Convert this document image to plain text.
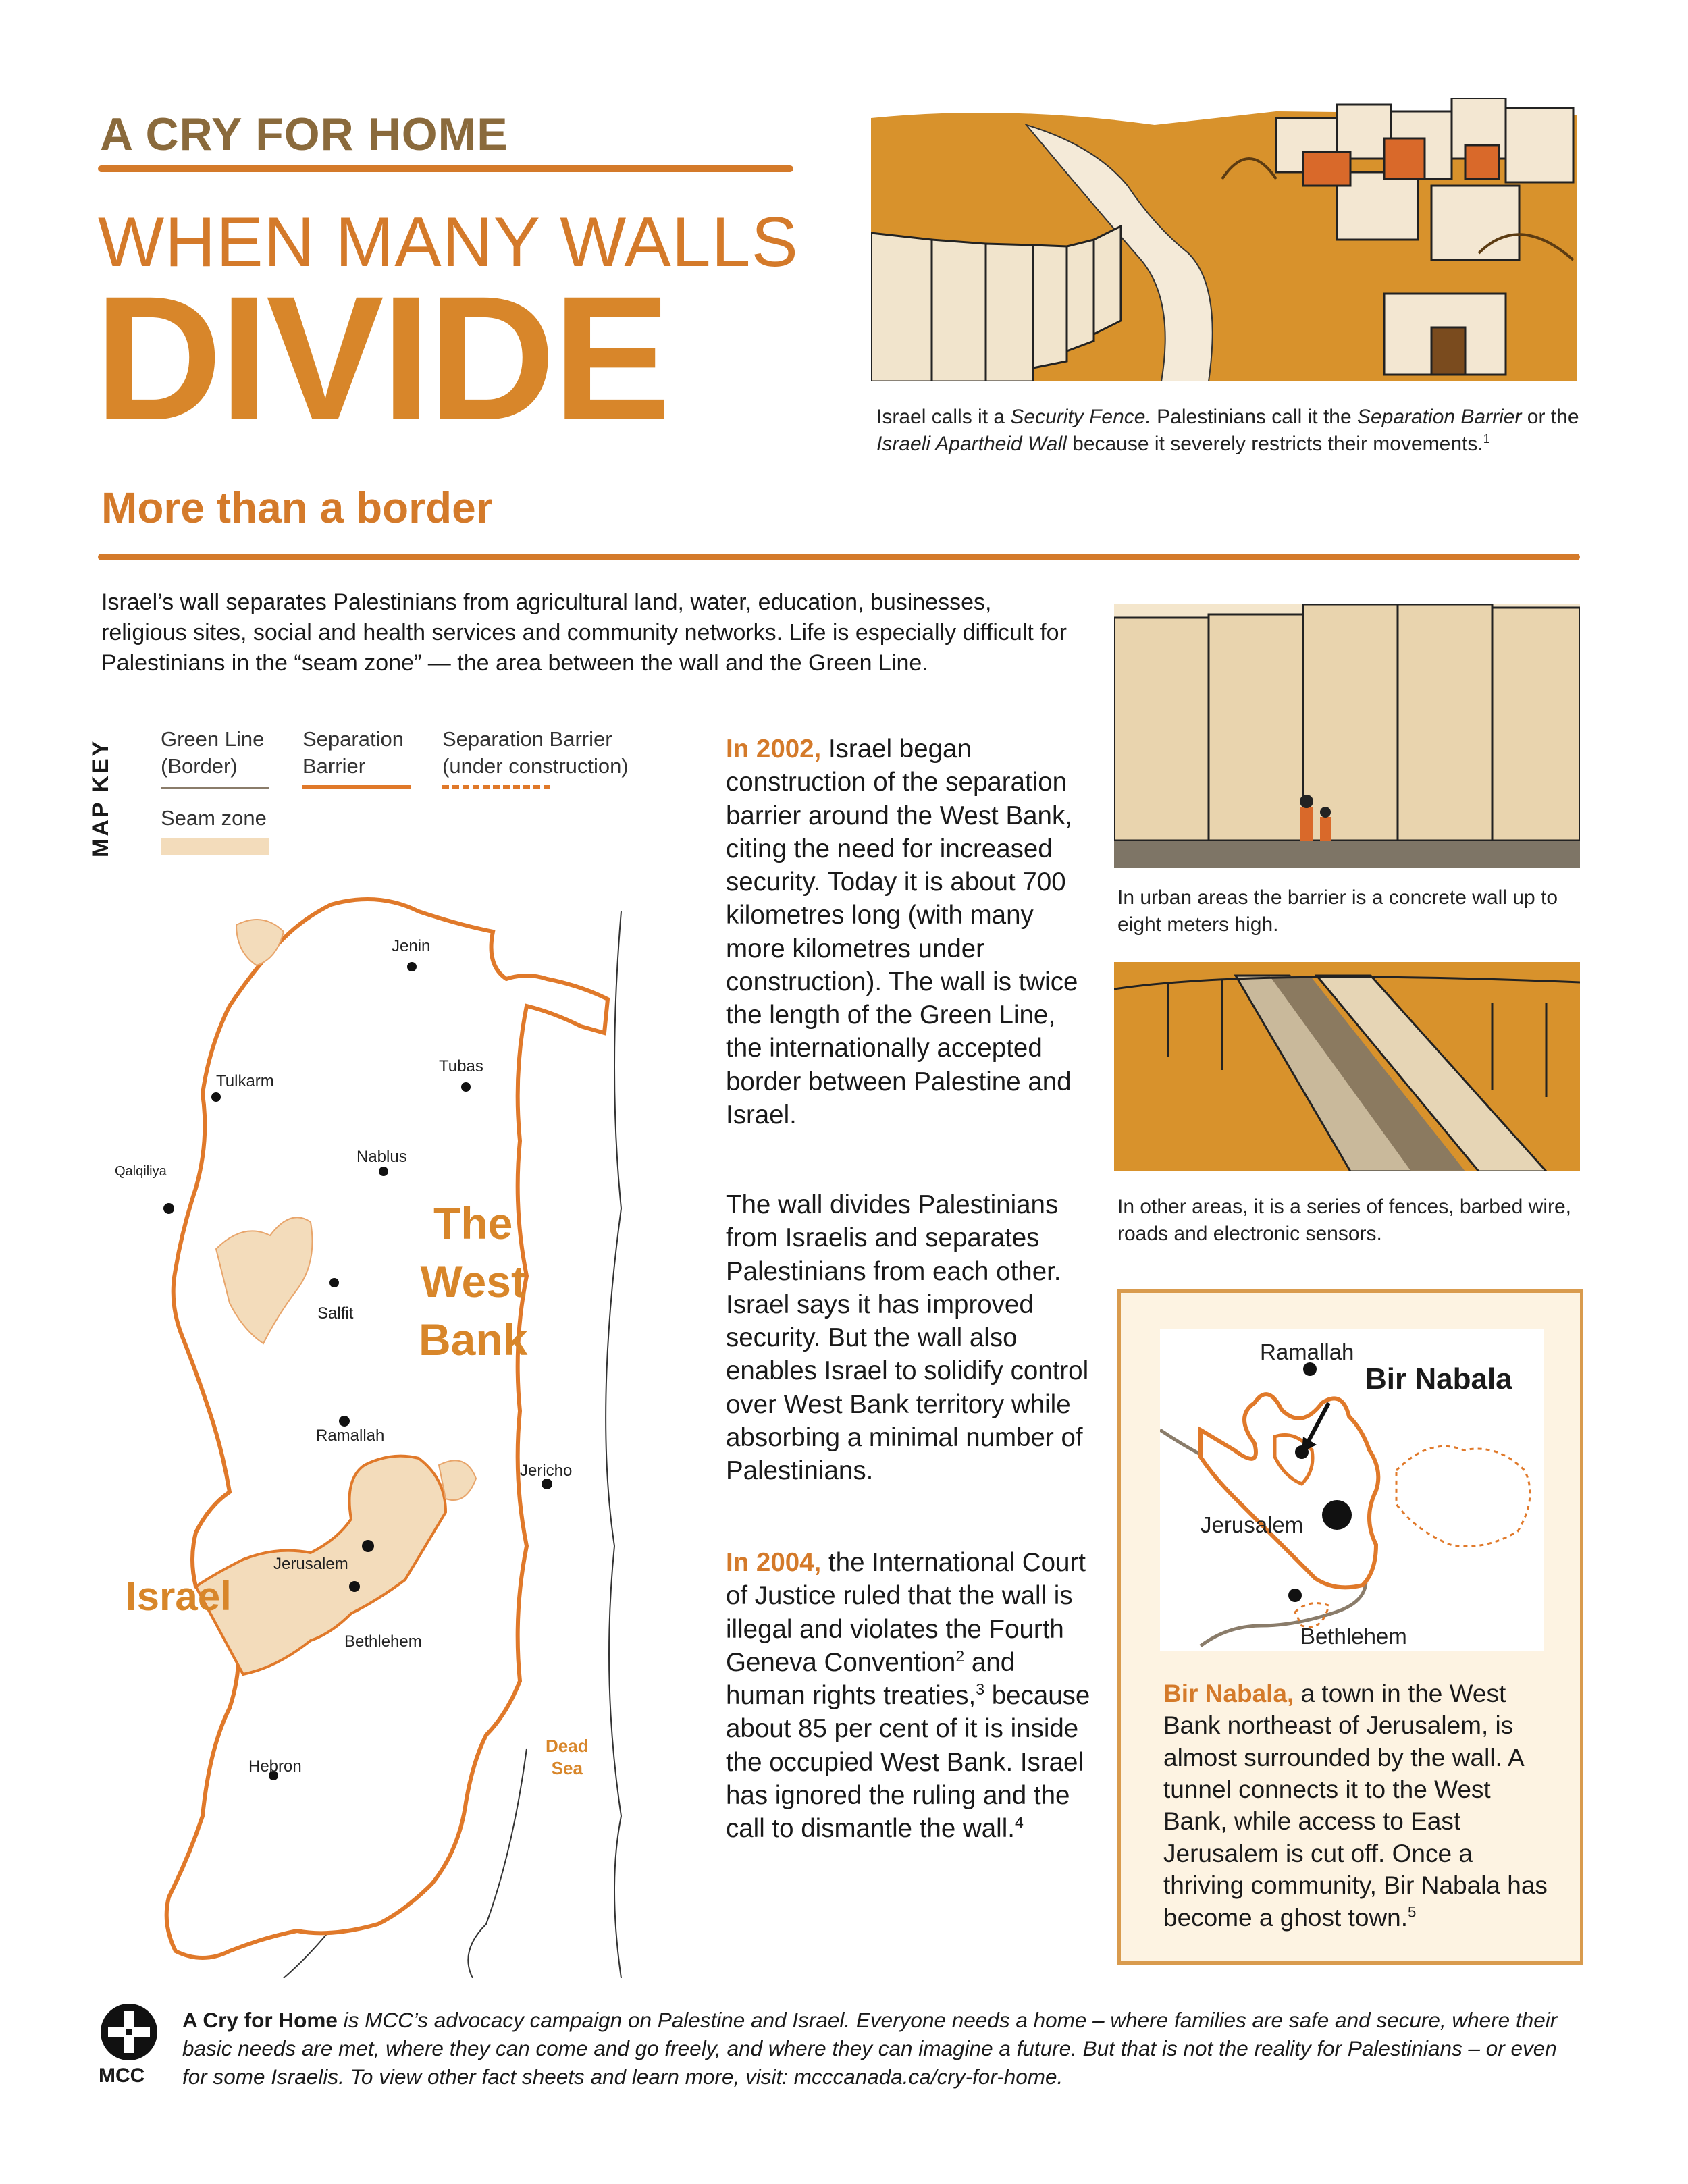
A CRY FOR HOME
WHEN MANY WALLS
DIVIDE
More than a border
Israel calls it a Security Fence. Palestinians call it the Separation Barrier or the Israeli Apartheid Wall because it severely restricts their movements.$^1$
Israel’s wall separates Palestinians from agricultural land, water, education, businesses, religious sites, social and health services and community networks. Life is especially difficult for Palestinians in the “seam zone” — the area between the wall and the Green Line.
MAP KEY
Green Line
(Border)
Separation
Barrier
Separation Barrier
(under construction)
Seam zone
Jenin
Tubas
Tulkarm
Nablus
Qalqiliya
Salfit
Ramallah
Jericho
Jerusalem
Bethlehem
Hebron
The
West
Bank
Israel
Dead
Sea
In 2002, Israel began construction of the separation barrier around the West Bank, citing the need for increased security. Today it is about 700 kilometres long (with many more kilometres under construction). The wall is twice the length of the Green Line, the internationally accepted border between Palestine and Israel.
The wall divides Palestinians from Israelis and separates Palestinians from each other. Israel says it has improved security. But the wall also enables Israel to solidify control over West Bank territory while absorbing a minimal number of Palestinians.
In 2004, the International Court of Justice ruled that the wall is illegal and violates the Fourth Geneva Convention$^2$ and human rights treaties,$^3$ because about 85 per cent of it is inside the occupied West Bank. Israel has ignored the ruling and the call to dismantle the wall.$^4$
In urban areas the barrier is a concrete wall up to eight meters high.
In other areas, it is a series of fences, barbed wire, roads and electronic sensors.
Ramallah
Bir Nabala
Jerusalem
Bethlehem
Bir Nabala, a town in the West Bank northeast of Jerusalem, is almost surrounded by the wall. A tunnel connects it to the West Bank, while access to East Jerusalem is cut off. Once a thriving community, Bir Nabala has become a ghost town.$^5$
MCC
A Cry for Home is MCC’s advocacy campaign on Palestine and Israel. Everyone needs a home – where families are safe and secure, where their basic needs are met, where they can come and go freely, and where they can imagine a future. But that is not the reality for Palestinians – or even for some Israelis. To view other fact sheets and learn more, visit: mcccanada.ca/cry-for-home.
